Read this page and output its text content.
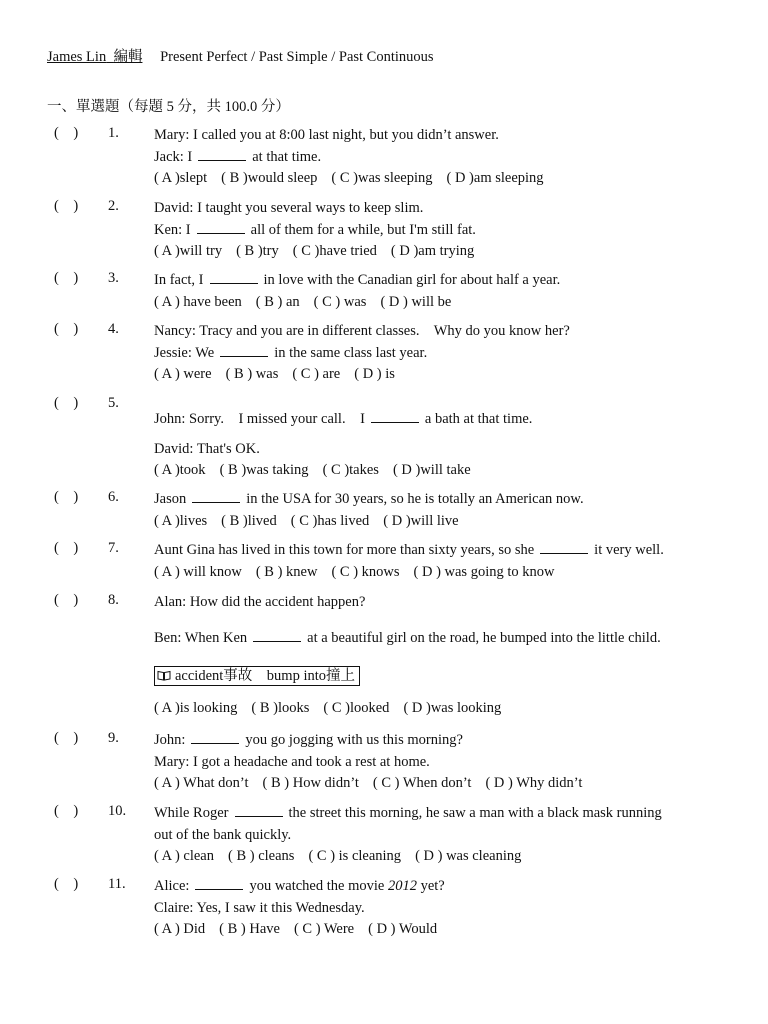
James Lin 編輯 Present Perfect / Past Simple / Past Continuous
一、單選題（每題 5 分，共 100.0 分）
(    ) 1. Mary: I called you at 8:00 last night, but you didn’t answer.
Jack: I	at that time.
( A )slept ( B )would sleep ( C )was sleeping ( D )am sleeping
(    ) 2. David: I taught you several ways to keep slim.
Ken: I	all of them for a while, but I'm still fat.
( A )will try ( B )try ( C )have tried ( D )am trying
(    ) 3. In fact, I	in love with the Canadian girl for about half a year.
( A ) have been ( B ) an ( C ) was ( D ) will be
(    ) 4. Nancy: Tracy and you are in different classes.    Why do you know her?
Jessie: We	in the same class last year.
( A ) were ( B ) was ( C ) are ( D ) is
(    ) 5.
John: Sorry.    I missed your call.    I	a bath at that time.
David: That's OK.
( A )took ( B )was taking ( C )takes ( D )will take
(    ) 6. Jason	in the USA for 30 years, so he is totally an American now.
( A )lives ( B )lived ( C )has lived ( D )will live
(    ) 7. Aunt Gina has lived in this town for more than sixty years, so she	it very well.
( A ) will know ( B ) knew ( C ) knows ( D ) was going to know
(    ) 8. Alan: How did the accident happen?
Ben: When Ken	at a beautiful girl on the road, he bumped into the little child.
accident事故    bump into撞上
( A )is looking ( B )looks ( C )looked ( D )was looking
(    ) 9. John:	you go jogging with us this morning?
Mary: I got a headache and took a rest at home.
( A ) What don’t ( B ) How didn’t ( C ) When don’t ( D ) Why didn’t
(    ) 10. While Roger	the street this morning, he saw a man with a black mask running
out of the bank quickly.
( A ) clean ( B ) cleans ( C ) is cleaning ( D ) was cleaning
(    ) 11. Alice:	you watched the movie 2012 yet?
Claire: Yes, I saw it this Wednesday.
( A ) Did ( B ) Have ( C ) Were ( D ) Would
